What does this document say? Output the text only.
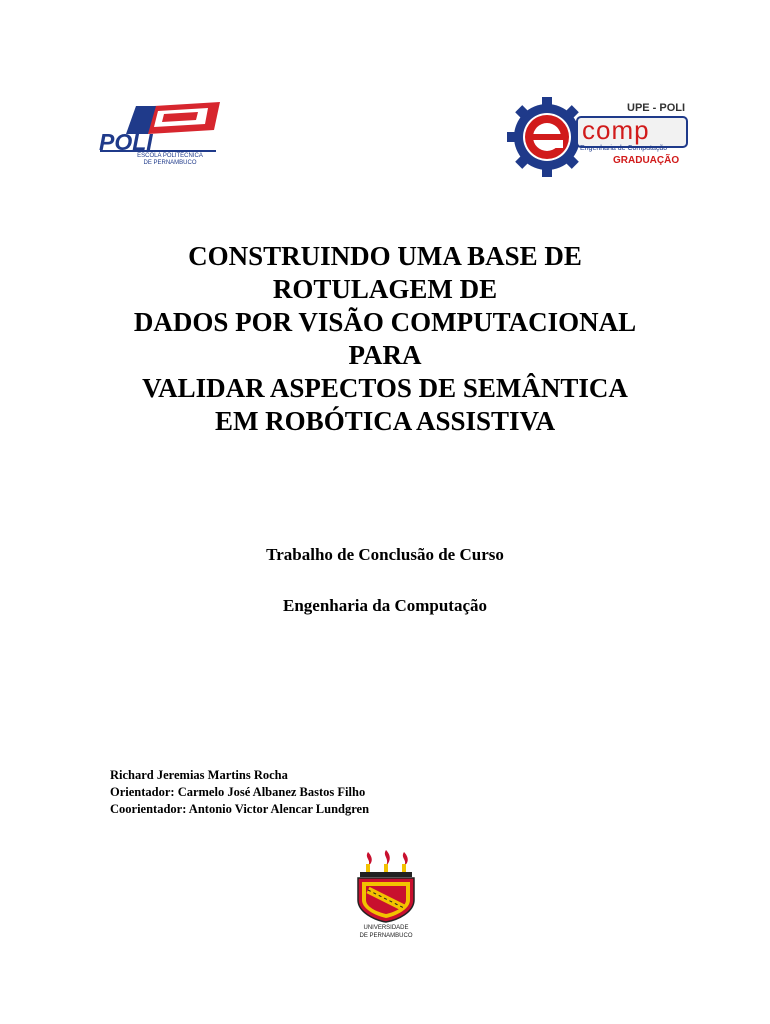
POLI
ESCOLA POLITÉCNICA
DE PERNAMBUCO
UPE - POLI
comp
Engenharia de Computação
GRADUAÇÃO
CONSTRUINDO UMA BASE DE
ROTULAGEM DE
DADOS POR VISÃO COMPUTACIONAL
PARA
VALIDAR ASPECTOS DE SEMÂNTICA
EM ROBÓTICA ASSISTIVA
Trabalho de Conclusão de Curso
Engenharia da Computação
Richard Jeremias Martins Rocha
Orientador: Carmelo José Albanez Bastos Filho
Coorientador: Antonio Victor Alencar Lundgren
UNIVERSIDADE
DE PERNAMBUCO
